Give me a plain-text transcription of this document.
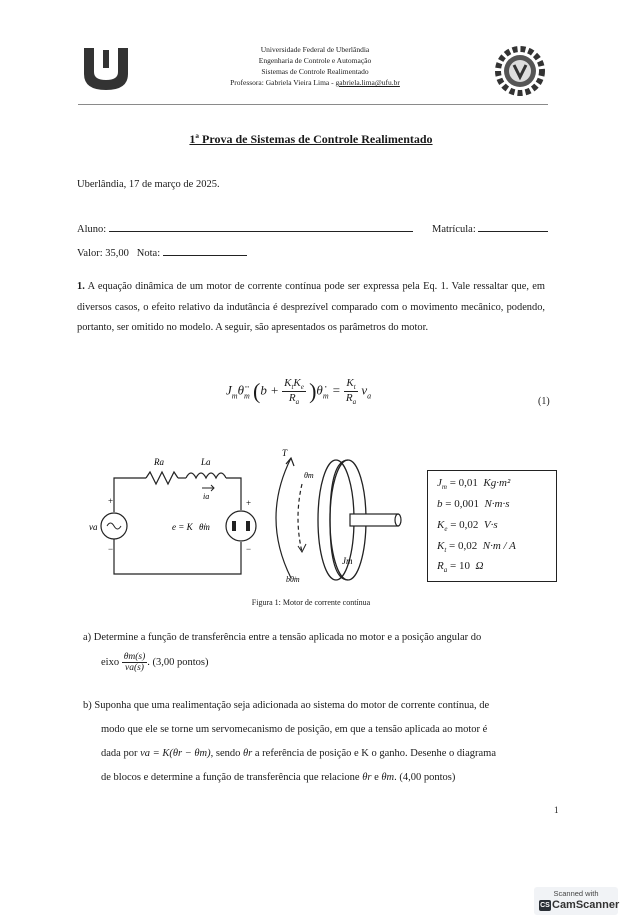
Universidade Federal de Uberlândia
Engenharia de Controle e Automação
Sistemas de Controle Realimentado
Professora: Gabriela Vieira Lima - gabriela.lima@ufu.br
1ª Prova de Sistemas de Controle Realimentado
Uberlândia, 17 de março de 2025.
Aluno:	Matrícula:
Valor: 35,00 Nota:
1. A equação dinâmica de um motor de corrente contínua pode ser expressa pela Eq. 1. Vale ressaltar que, em diversos casos, o efeito relativo da indutância é desprezível comparado com o movimento mecânico, podendo, portanto, ser omitido no modelo. A seguir, são apresentados os parâmetros do motor.
$J_m\thetä_m$ ($b + \frac{K_tK_e}{R_a}$ )$\thetȧ_m = \frac{K_t}{R_a} v_a$
(1)
Ra	La
ia
+
−
va
+
−
e = K θ̇m
T
θm
bθ̇m
Jm
$J_m = 0,01$ Kg·m²
b = 0,001 N·m·s
$K_e = 0,02$ V·s
$K_t = 0,02$ N·m / A
$R_a = 10$ Ω
Figura 1: Motor de corrente contínua
a) Determine a função de transferência entre a tensão aplicada no motor e a posição angular do
eixo $\frac{\theta m(s)}{va(s)}$ . (3,00 pontos)
b) Suponha que uma realimentação seja adicionada ao sistema do motor de corrente contínua, de
modo que ele se torne um servomecanismo de posição, em que a tensão aplicada ao motor é
dada por va = K(θr − θm), sendo θr a referência de posição e K o ganho. Desenhe o diagrama
de blocos e determine a função de transferência que relacione θr e θm. (4,00 pontos)
1
Scanned with
CS CamScanner
